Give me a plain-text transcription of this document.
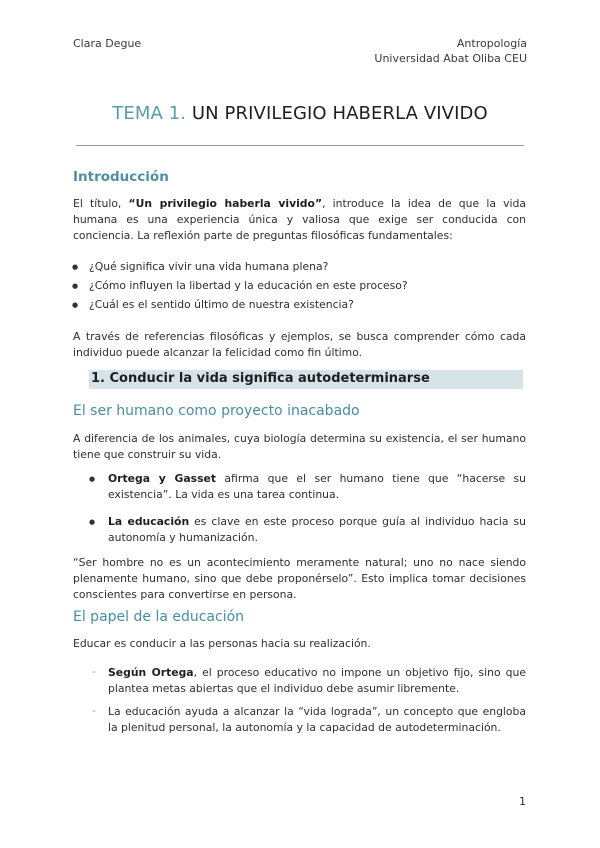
Clara Degue	Antropología
Universidad Abat Oliba CEU
TEMA 1. UN PRIVILEGIO HABERLA VIVIDO
Introducción
El título, “Un privilegio haberla vivido”, introduce la idea de que la vida humana es una experiencia única y valiosa que exige ser conducida con conciencia. La reflexión parte de preguntas filosóficas fundamentales:
● ¿Qué significa vivir una vida humana plena?
● ¿Cómo influyen la libertad y la educación en este proceso?
● ¿Cuál es el sentido último de nuestra existencia?
A través de referencias filosóficas y ejemplos, se busca comprender cómo cada individuo puede alcanzar la felicidad como fin último.
1. Conducir la vida significa autodeterminarse
El ser humano como proyecto inacabado
A diferencia de los animales, cuya biología determina su existencia, el ser humano tiene que construir su vida.
● Ortega y Gasset afirma que el ser humano tiene que “hacerse su existencia”. La vida es una tarea continua.
● La educación es clave en este proceso porque guía al individuo hacia su autonomía y humanización.
“Ser hombre no es un acontecimiento meramente natural; uno no nace siendo plenamente humano, sino que debe proponérselo”. Esto implica tomar decisiones conscientes para convertirse en persona.
El papel de la educación
Educar es conducir a las personas hacia su realización.
- Según Ortega, el proceso educativo no impone un objetivo fijo, sino que plantea metas abiertas que el individuo debe asumir libremente.
- La educación ayuda a alcanzar la “vida lograda”, un concepto que engloba la plenitud personal, la autonomía y la capacidad de autodeterminación.
1
